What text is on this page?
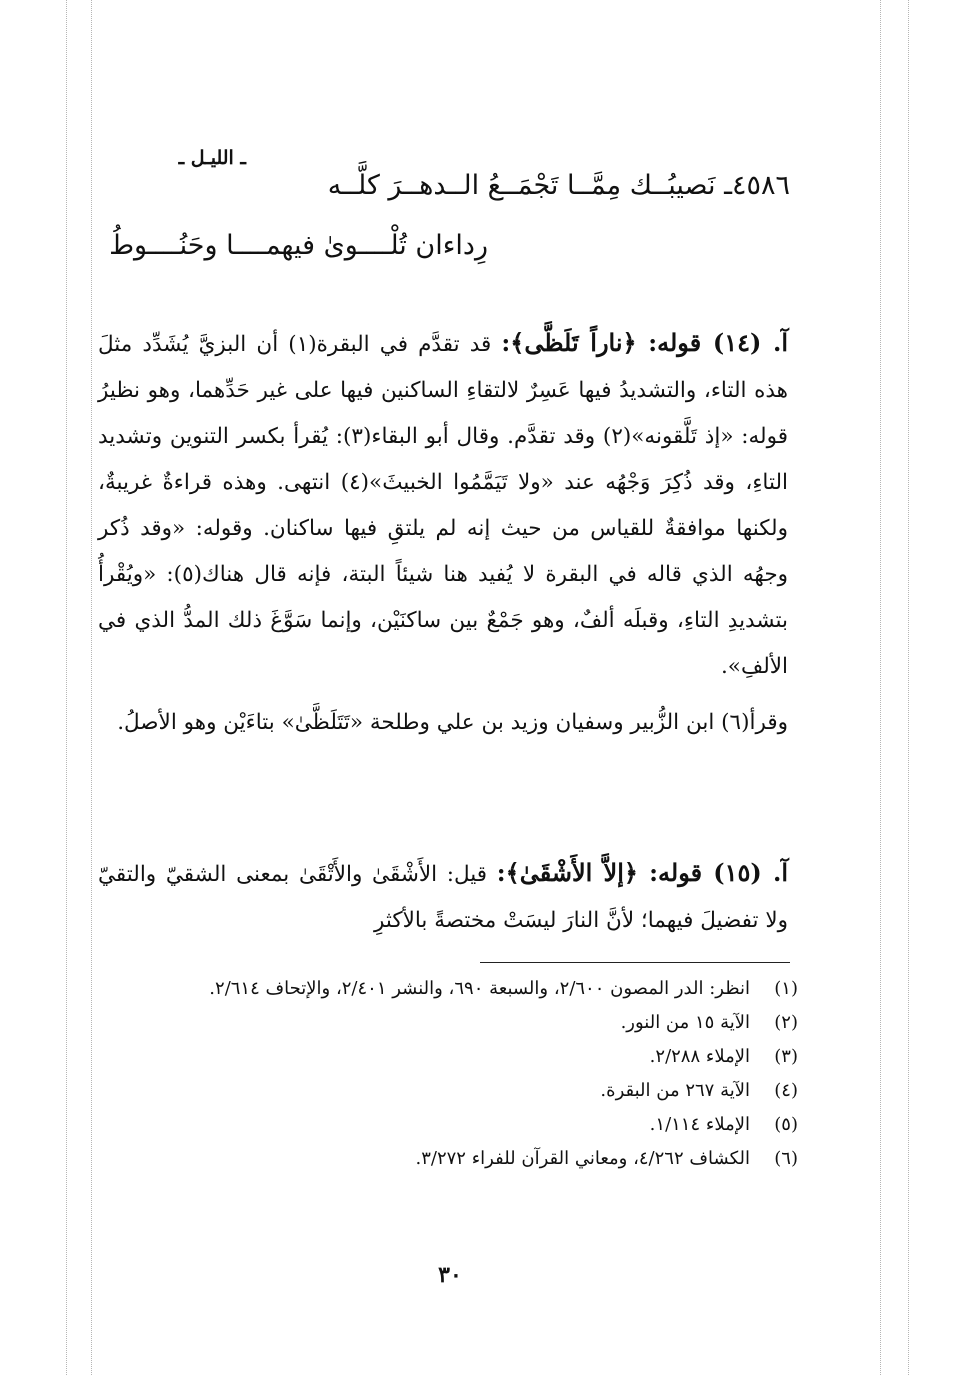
ـ الليـل ـ
٤٥٨٦ـ نَصيبُــك مِمَّــا تَجْمَــعُ الــدهــرَ كلَّــه
رِداءان تُلْــــوىٰ فيهمــــا وحَنُــــوطُ
آ. (١٤) قوله: ﴿ناراً تَلَظَّى﴾: قد تقدَّم في البقرة(١) أن البزيَّ يُشَدِّد مثلَ هذه التاء، والتشديدُ فيها عَسِرٌ لالتقاءِ الساكنين فيها على غير حَدِّهما، وهو نظيرُ قوله: «إذ تَلَّقونه»(٢) وقد تقدَّم. وقال أبو البقاء(٣): يُقرأ بكسر التنوين وتشديد التاءِ، وقد ذُكِرَ وَجْهُه عند «ولا تَيَمَّمُوا الخبيثَ»(٤) انتهى. وهذه قراءةٌ غريبةٌ، ولكنها موافقةٌ للقياس من حيث إنه لم يلتقِ فيها ساكنان. وقوله: «وقد ذُكر وجهُه الذي قاله في البقرة لا يُفيد هنا شيئاً البتة، فإنه قال هناك(٥): «ويُقْرأُ بتشديدِ التاءِ، وقبلَه ألفٌ، وهو جَمْعٌ بين ساكنَيْن، وإنما سَوَّغَ ذلك المدُّ الذي في الألفِ».
وقرأ(٦) ابن الزُّبير وسفيان وزيد بن علي وطلحة «تَتَلَظَّىٰ» بتاءَيْن وهو الأصلُ.
آ. (١٥) قوله: ﴿إلاَّ الأَشْقَىٰ﴾: قيل: الأَشْقَىٰ والأَتْقَىٰ بمعنى الشقيّ والتقيّ ولا تفضيلَ فيهما؛ لأنَّ النارَ ليسَتْ مختصةً بالأكثرِ
(١)
انظر: الدر المصون ٢/٦٠٠، والسبعة ٦٩٠، والنشر ٢/٤٠١، والإتحاف ٢/٦١٤.
(٢)
الآية ١٥ من النور.
(٣)
الإملاء ٢/٢٨٨.
(٤)
الآية ٢٦٧ من البقرة.
(٥)
الإملاء ١/١١٤.
(٦)
الكشاف ٤/٢٦٢، ومعاني القرآن للفراء ٣/٢٧٢.
٣٠
